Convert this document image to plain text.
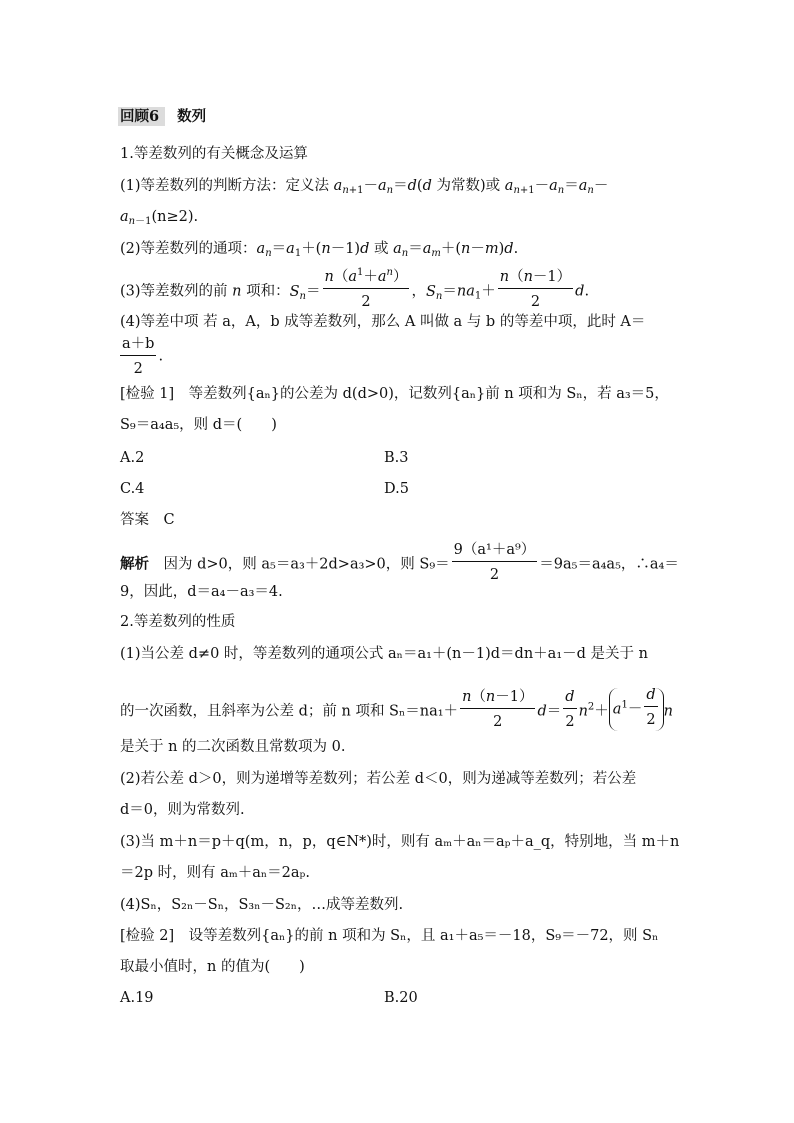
回顾6 数列
1.等差数列的有关概念及运算
(1)等差数列的判断方法：定义法 $a_{n+1}-a_n=d(d$ 为常数)或 $a_{n+1}-a_n=a_n-$
$a_{n-1}(n\ge 2)$.
(2)等差数列的通项：$a_n=a_1+(n-1)d$ 或 $a_n=a_m+(n-m)d$.
(3)等差数列的前 n 项和：$S_n= \frac{n(a^1+a^n)}{2}$ ，$S_n=na_1+ \frac{n(n-1)}{2} d$.
(4)等差中项 若 a，A，b 成等差数列，那么 A 叫做 a 与 b 的等差中项，此时 A＝
$\frac{a+b}{2}$ .
[检验 1]　等差数列{aₙ}的公差为 d(d>0)，记数列{aₙ}前 n 项和为 Sₙ，若 a₃＝5，
S₉＝a₄a₅，则 d＝(　　)
A.2	B.3
C.4	D.5
答案　 C
解析　 因为 d>0，则 a₅＝a₃＋2d>a₃>0，则 $S_9= \frac{\text{9（a¹＋a⁹）}}{2} =9a_5=a_4a_5$，∴a₄＝
9，因此，d＝a₄－a₃＝4.
2.等差数列的性质
(1)当公差 d≠0 时，等差数列的通项公式 aₙ＝a₁＋(n－1)d＝dn＋a₁－d 是关于 n
的一次函数，且斜率为公差 d；前 n 项和 $S_n=na_1+ \frac{n(n-1)}{2} d= \frac{d}{2} n^2+ a^1- \frac{d}{2}$ n
是关于 n 的二次函数且常数项为 0.
(2)若公差 d＞0，则为递增等差数列；若公差 d＜0，则为递减等差数列；若公差
d＝0，则为常数列.
(3)当 m＋n＝p＋q(m，n，p，q∈N*)时，则有 aₘ＋aₙ＝aₚ＋a_q，特别地，当 m＋n
＝2p 时，则有 aₘ＋aₙ＝2aₚ.
(4)Sₙ，S₂ₙ－Sₙ，S₃ₙ－S₂ₙ，…成等差数列.
[检验 2]　设等差数列{aₙ}的前 n 项和为 Sₙ，且 a₁＋a₅＝－18，S₉＝－72，则 Sₙ
取最小值时，n 的值为(　　)
A.19	B.20
